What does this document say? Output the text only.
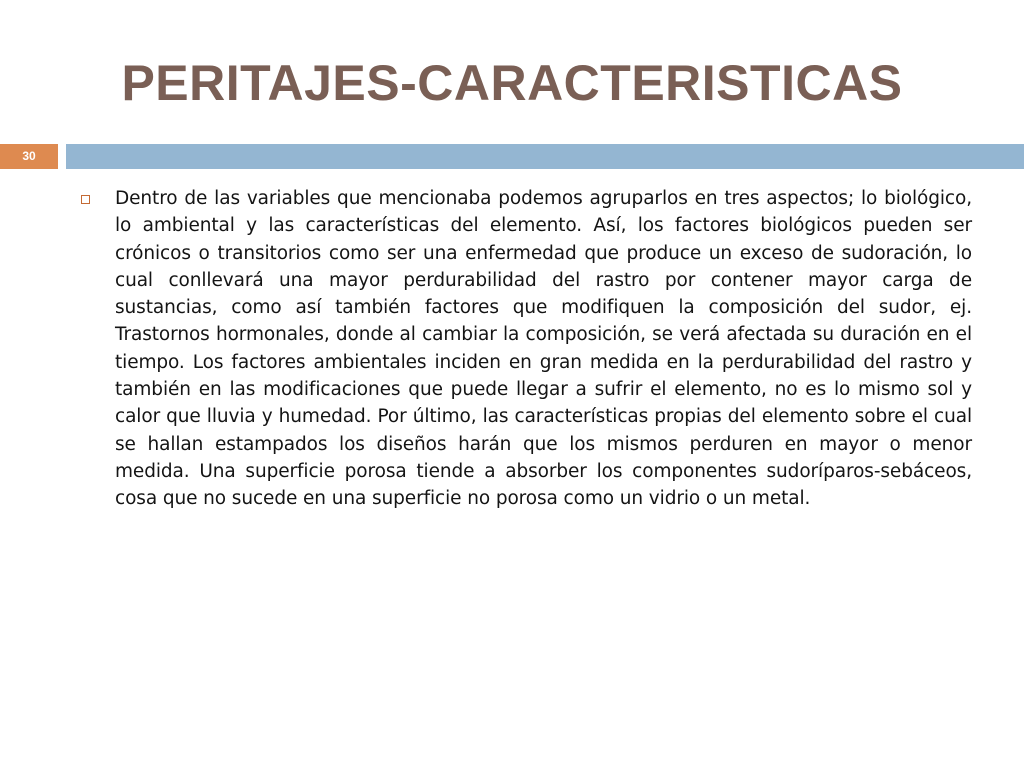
PERITAJES-CARACTERISTICAS
30
Dentro de las variables que mencionaba podemos agruparlos en tres aspectos; lo biológico, lo ambiental y las características del elemento. Así, los factores biológicos pueden ser crónicos o transitorios como ser una enfermedad que produce un exceso de sudoración, lo cual conllevará una mayor perdurabilidad del rastro por contener mayor carga de sustancias, como así también factores que modifiquen la composición del sudor, ej. Trastornos hormonales, donde al cambiar la composición, se verá afectada su duración en el tiempo. Los factores ambientales inciden en gran medida en la perdurabilidad del rastro y también en las modificaciones que puede llegar a sufrir el elemento, no es lo mismo sol y calor que lluvia y humedad. Por último, las características propias del elemento sobre el cual se hallan estampados los diseños harán que los mismos perduren en mayor o menor medida. Una superficie porosa tiende a absorber los componentes sudoríparos-sebáceos, cosa que no sucede en una superficie no porosa como un vidrio o un metal.
